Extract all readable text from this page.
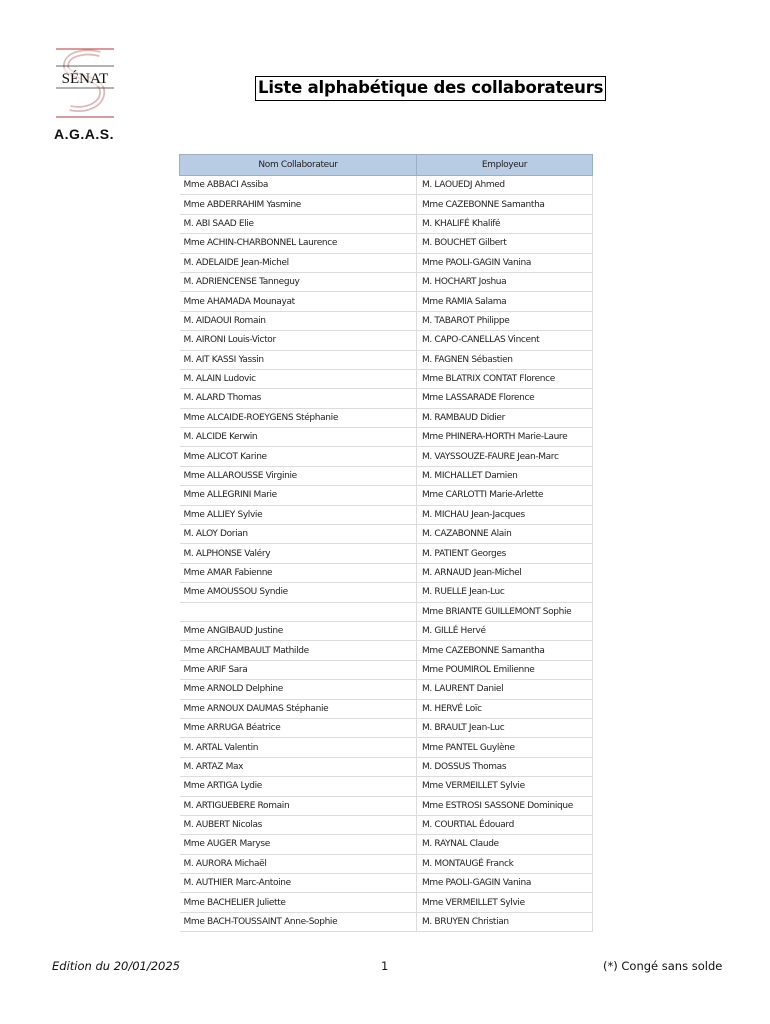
SÉNAT
A.G.A.S.
Liste alphabétique des collaborateurs
Nom Collaborateur	Employeur
Mme ABBACI Assiba	M. LAOUEDJ Ahmed
Mme ABDERRAHIM Yasmine	Mme CAZEBONNE Samantha
M. ABI SAAD Elie	M. KHALIFÉ Khalifé
Mme ACHIN-CHARBONNEL Laurence	M. BOUCHET Gilbert
M. ADELAIDE Jean-Michel	Mme PAOLI-GAGIN Vanina
M. ADRIENCENSE Tanneguy	M. HOCHART Joshua
Mme AHAMADA Mounayat	Mme RAMIA Salama
M. AIDAOUI Romain	M. TABAROT Philippe
M. AIRONI Louis-Victor	M. CAPO-CANELLAS Vincent
M. AIT KASSI Yassin	M. FAGNEN Sébastien
M. ALAIN Ludovic	Mme BLATRIX CONTAT Florence
M. ALARD Thomas	Mme LASSARADE Florence
Mme ALCAIDE-ROEYGENS Stéphanie	M. RAMBAUD Didier
M. ALCIDE Kerwin	Mme PHINERA-HORTH Marie-Laure
Mme ALICOT Karine	M. VAYSSOUZE-FAURE Jean-Marc
Mme ALLAROUSSE Virginie	M. MICHALLET Damien
Mme ALLEGRINI Marie	Mme CARLOTTI Marie-Arlette
Mme ALLIEY Sylvie	M. MICHAU Jean-Jacques
M. ALOY Dorian	M. CAZABONNE Alain
M. ALPHONSE Valéry	M. PATIENT Georges
Mme AMAR Fabienne	M. ARNAUD Jean-Michel
Mme AMOUSSOU Syndie	M. RUELLE Jean-Luc
	Mme BRIANTE GUILLEMONT Sophie
Mme ANGIBAUD Justine	M. GILLÉ Hervé
Mme ARCHAMBAULT Mathilde	Mme CAZEBONNE Samantha
Mme ARIF Sara	Mme POUMIROL Emilienne
Mme ARNOLD Delphine	M. LAURENT Daniel
Mme ARNOUX DAUMAS Stéphanie	M. HERVÉ Loïc
Mme ARRUGA Béatrice	M. BRAULT Jean-Luc
M. ARTAL Valentin	Mme PANTEL Guylène
M. ARTAZ Max	M. DOSSUS Thomas
Mme ARTIGA Lydie	Mme VERMEILLET Sylvie
M. ARTIGUEBERE Romain	Mme ESTROSI SASSONE Dominique
M. AUBERT Nicolas	M. COURTIAL Édouard
Mme AUGER Maryse	M. RAYNAL Claude
M. AURORA Michaël	M. MONTAUGÉ Franck
M. AUTHIER Marc-Antoine	Mme PAOLI-GAGIN Vanina
Mme BACHELIER Juliette	Mme VERMEILLET Sylvie
Mme BACH-TOUSSAINT Anne-Sophie	M. BRUYEN Christian
Edition du 20/01/2025	1	(*) Congé sans solde
